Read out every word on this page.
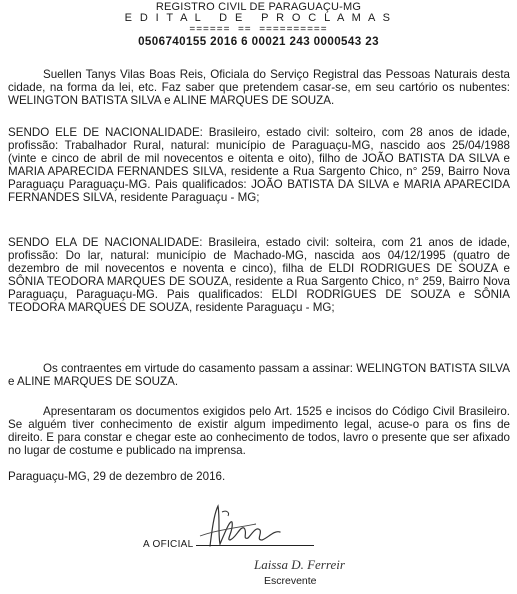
REGISTRO CIVIL DE PARAGUAÇU-MG
E D I T A L   D E   P R O C L A M A S
======  ==  ==========
0506740155 2016 6 00021 243 0000543 23

Suellen Tanys Vilas Boas Reis, Oficiala do Serviço Registral das Pessoas Naturais desta cidade, na forma da lei, etc. Faz saber que pretendem casar-se, em seu cartório os nubentes: WELINGTON BATISTA SILVA e ALINE MARQUES DE SOUZA.

SENDO ELE DE NACIONALIDADE: Brasileiro, estado civil: solteiro, com 28 anos de idade, profissão: Trabalhador Rural, natural: município de Paraguaçu-MG, nascido aos 25/04/1988 (vinte e cinco de abril de mil novecentos e oitenta e oito), filho de JOÃO BATISTA DA SILVA e MARIA APARECIDA FERNANDES SILVA, residente a Rua Sargento Chico, n° 259, Bairro Nova Paraguaçu Paraguaçu-MG. Pais qualificados: JOÃO BATISTA DA SILVA e MARIA APARECIDA FERNANDES SILVA, residente Paraguaçu - MG;

SENDO ELA DE NACIONALIDADE: Brasileira, estado civil: solteira, com 21 anos de idade, profissão: Do lar, natural: município de Machado-MG, nascida aos 04/12/1995 (quatro de dezembro de mil novecentos e noventa e cinco), filha de ELDI RODRIGUES DE SOUZA e SÔNIA TEODORA MARQUES DE SOUZA, residente a Rua Sargento Chico, n° 259, Bairro Nova Paraguaçu, Paraguaçu-MG. Pais qualificados: ELDI RODRIGUES DE SOUZA e SÔNIA TEODORA MARQUES DE SOUZA, residente Paraguaçu - MG;

Os contraentes em virtude do casamento passam a assinar: WELINGTON BATISTA SILVA e ALINE MARQUES DE SOUZA.

Apresentaram os documentos exigidos pelo Art. 1525 e incisos do Código Civil Brasileiro. Se alguém tiver conhecimento de existir algum impedimento legal, acuse-o para os fins de direito. E para constar e chegar este ao conhecimento de todos, lavro o presente que ser afixado no lugar de costume e publicado na imprensa.

Paraguaçu-MG, 29 de dezembro de 2016.

A OFICIAL
Laissa D. Ferreir
Escrevente
